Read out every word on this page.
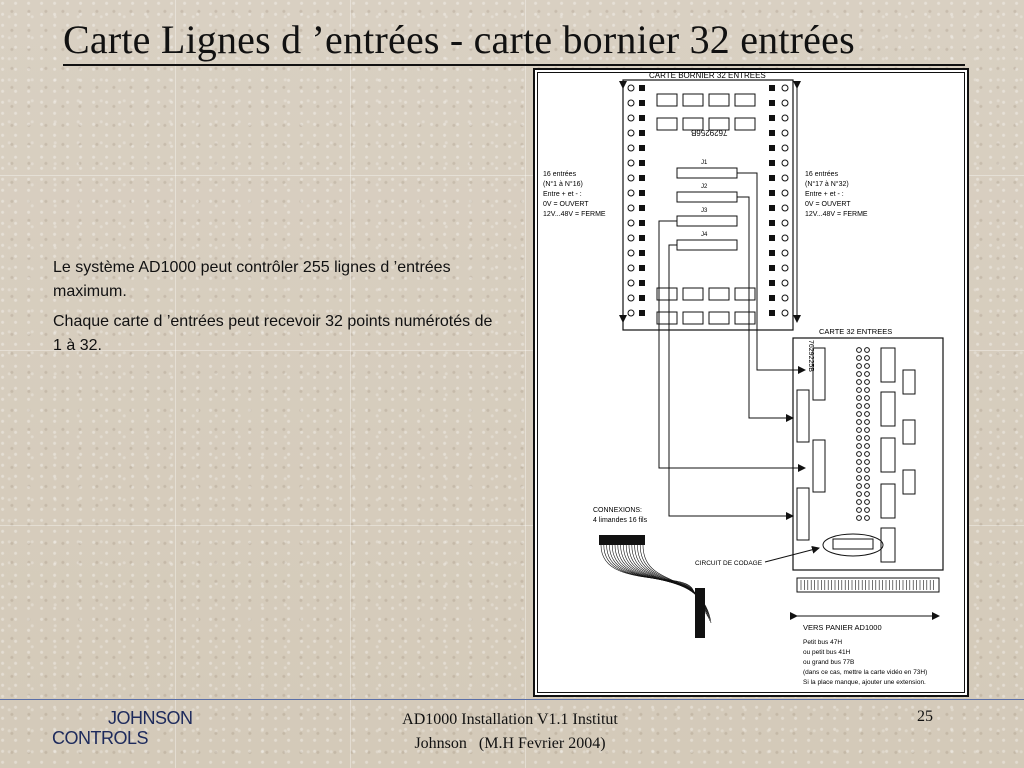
Carte Lignes d ’entrées - carte bornier 32 entrées

Le système AD1000 peut contrôler 255 lignes d ’entrées maximum.

Chaque carte d ’entrées peut recevoir 32 points numérotés de 1 à 32.

CARTE BORNIER 32 ENTREES
7629256B
J1
J2
J3
J4
16 entrées
(N°1 à N°16)
Entre + et - :
0V = OUVERT
12V...48V = FERME
16 entrées
(N°17 à N°32)
Entre + et - :
0V = OUVERT
12V...48V = FERME
CARTE 32 ENTREES
7629225B
CONNEXIONS:
4 limandes 16 fils
CIRCUIT DE CODAGE
VERS PANIER AD1000
Petit bus 47H
ou petit bus 41H
ou grand bus 77B
(dans ce cas, mettre la carte vidéo en 73H)
Si la place manque, ajouter une extension.
JOHNSON
CONTROLS
AD1000 Installation V1.1 Institut
Johnson   (M.H Fevrier 2004)
25
